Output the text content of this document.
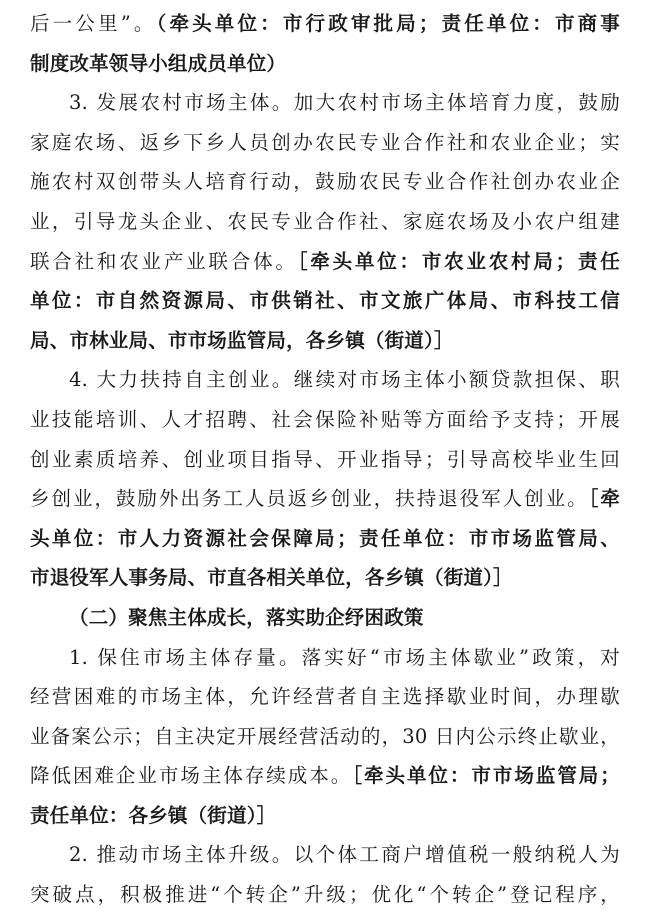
后一公里”。（牵头单位：市行政审批局；责任单位：市商事
制度改革领导小组成员单位）
3. 发展农村市场主体。加大农村市场主体培育力度，鼓励
家庭农场、返乡下乡人员创办农民专业合作社和农业企业；实
施农村双创带头人培育行动，鼓励农民专业合作社创办农业企
业，引导龙头企业、农民专业合作社、家庭农场及小农户组建
联合社和农业产业联合体。［牵头单位：市农业农村局；责任
单位：市自然资源局、市供销社、市文旅广体局、市科技工信
局、市林业局、市市场监管局，各乡镇（街道）］
4. 大力扶持自主创业。继续对市场主体小额贷款担保、职
业技能培训、人才招聘、社会保险补贴等方面给予支持；开展
创业素质培养、创业项目指导、开业指导；引导高校毕业生回
乡创业，鼓励外出务工人员返乡创业，扶持退役军人创业。［牵
头单位：市人力资源社会保障局；责任单位：市市场监管局、
市退役军人事务局、市直各相关单位，各乡镇（街道）］
（二）聚焦主体成长，落实助企纾困政策
1. 保住市场主体存量。落实好“市场主体歇业”政策，对
经营困难的市场主体，允许经营者自主选择歇业时间，办理歇
业备案公示；自主决定开展经营活动的，30 日内公示终止歇业，
降低困难企业市场主体存续成本。［牵头单位：市市场监管局；
责任单位：各乡镇（街道）］
2. 推动市场主体升级。以个体工商户增值税一般纳税人为
突破点，积极推进“个转企”升级；优化“个转企”登记程序，
